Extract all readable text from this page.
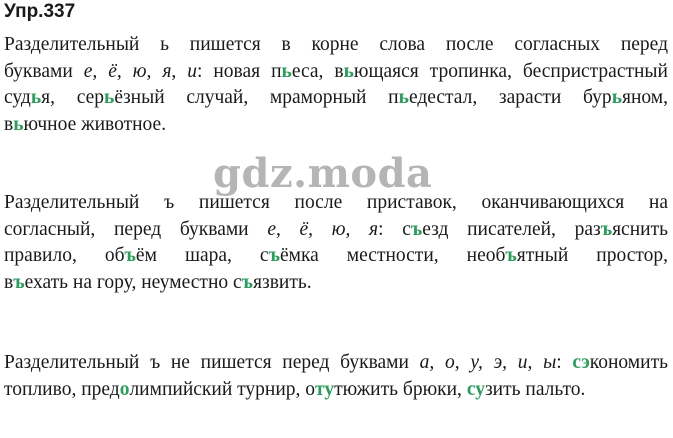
Упр.337
Разделительный ь пишется в корне слова после согласных перед
буквами е, ё, ю, я, и: новая пьеса, вьющаяся тропинка, беспристрастный
судья, серьёзный случай, мраморный пьедестал, зарасти бурьяном,
вьючное животное.
gdz.moda
Разделительный ъ пишется после приставок, оканчивающихся на
согласный, перед буквами е, ё, ю, я: съезд писателей, разъяснить
правило, объём шара, съёмка местности, необъятный простор,
въехать на гору, неуместно съязвить.
Разделительный ъ не пишется перед буквами а, о, у, э, и, ы: сэкономить
топливо, предолимпийский турнир, отутюжить брюки, сузить пальто.
